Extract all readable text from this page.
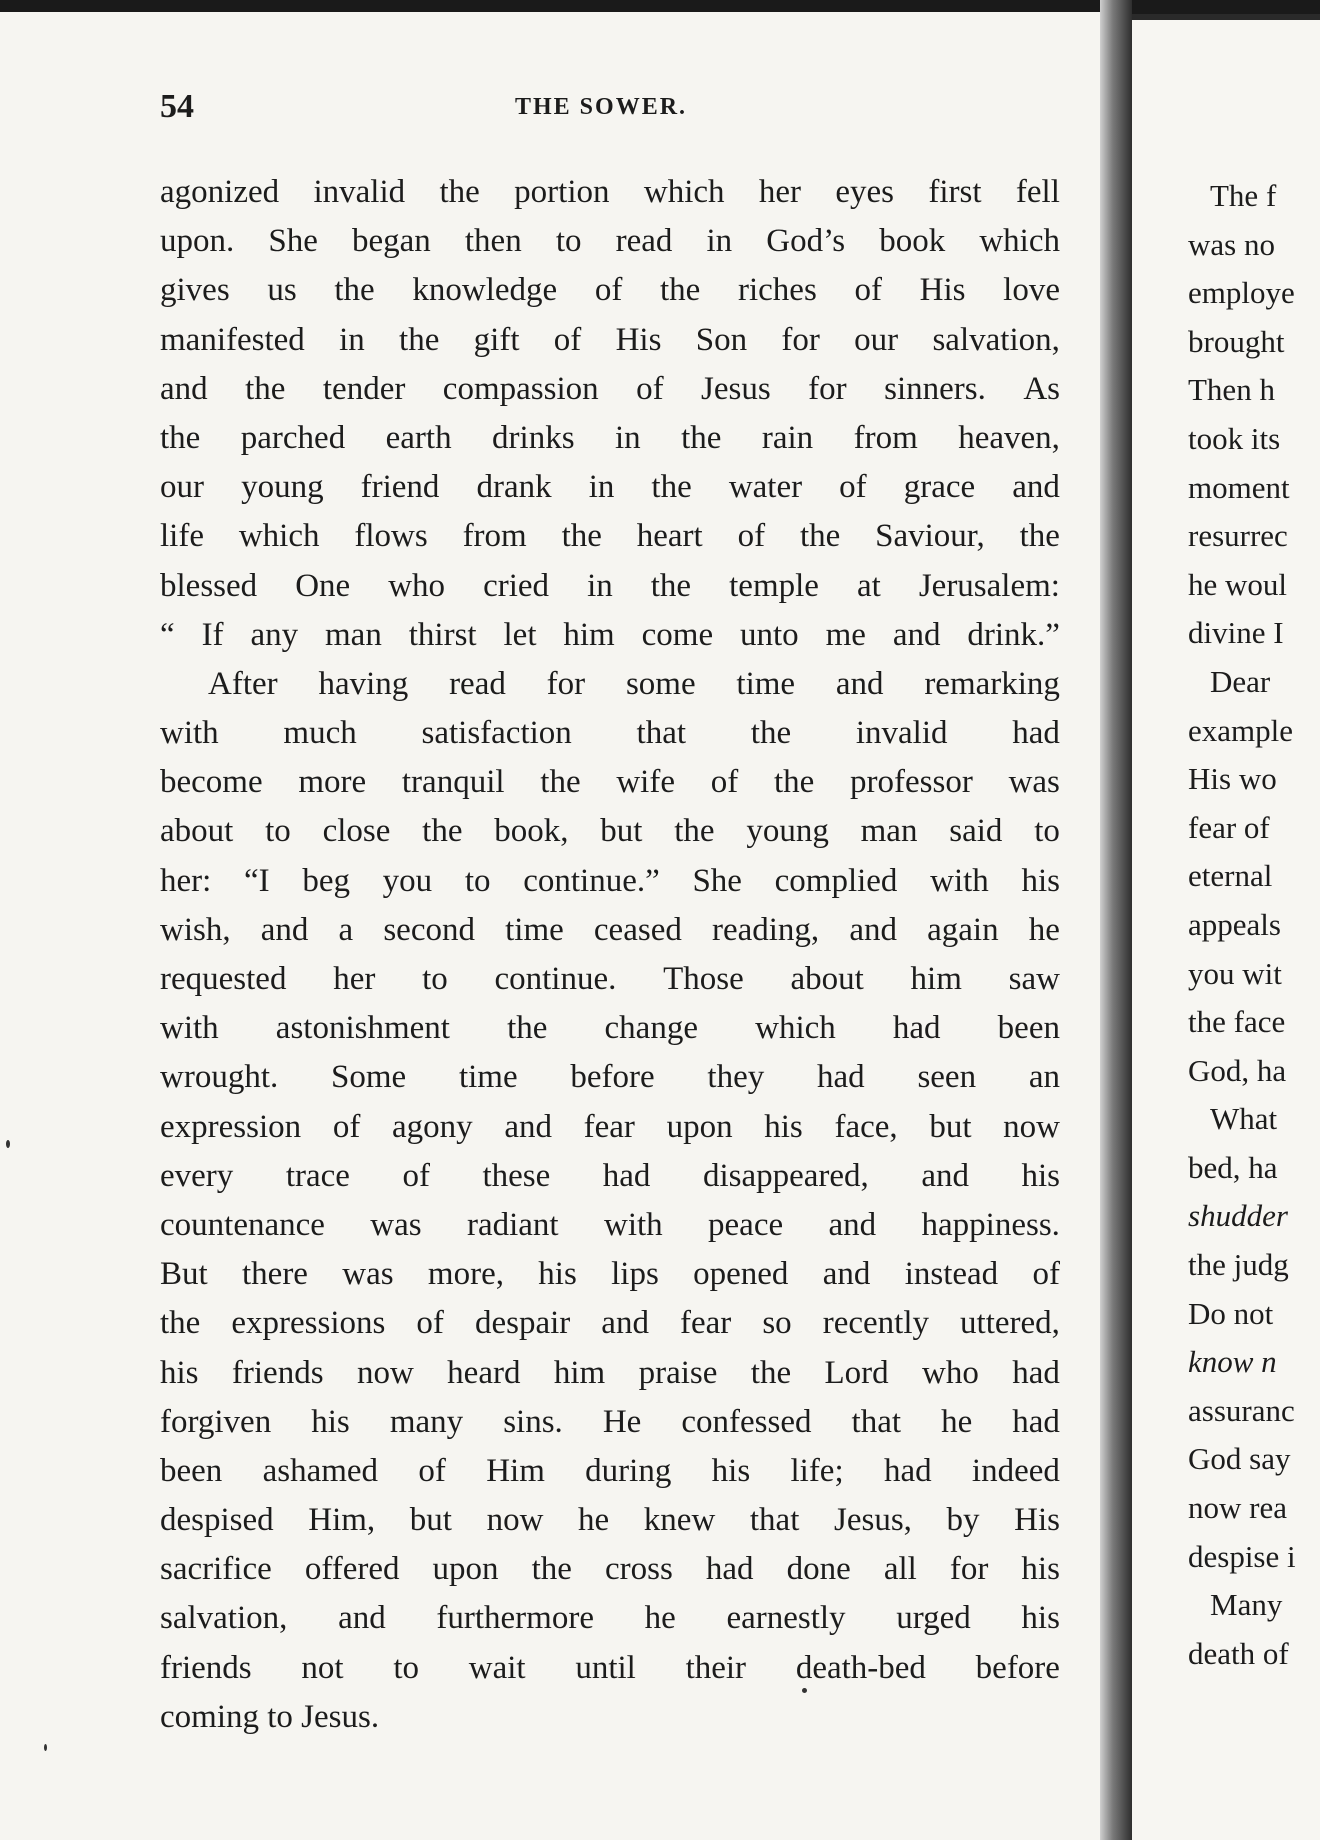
54	THE SOWER.
agonized invalid the portion which her eyes first fell
upon. She began then to read in God’s book which
gives us the knowledge of the riches of His love
manifested in the gift of His Son for our salvation,
and the tender compassion of Jesus for sinners. As
the parched earth drinks in the rain from heaven,
our young friend drank in the water of grace and
life which flows from the heart of the Saviour, the
blessed One who cried in the temple at Jerusalem:
“ If any man thirst let him come unto me and drink.”
After having read for some time and remarking
with much satisfaction that the invalid had
become more tranquil the wife of the professor was
about to close the book, but the young man said to
her: “I beg you to continue.” She complied with his
wish, and a second time ceased reading, and again he
requested her to continue. Those about him saw
with astonishment the change which had been
wrought. Some time before they had seen an
expression of agony and fear upon his face, but now
every trace of these had disappeared, and his
countenance was radiant with peace and happiness.
But there was more, his lips opened and instead of
the expressions of despair and fear so recently uttered,
his friends now heard him praise the Lord who had
forgiven his many sins. He confessed that he had
been ashamed of Him during his life; had indeed
despised Him, but now he knew that Jesus, by His
sacrifice offered upon the cross had done all for his
salvation, and furthermore he earnestly urged his
friends not to wait until their death-bed before
coming to Jesus.
The f
was no
employe
brought
Then h
took its
moment
resurrec
he woul
divine I
Dear
example
His wo
fear of
eternal
appeals
you wit
the face
God, ha
What
bed, ha
shudder
the judg
Do not
know n
assuranc
God say
now rea
despise i
Many
death of
